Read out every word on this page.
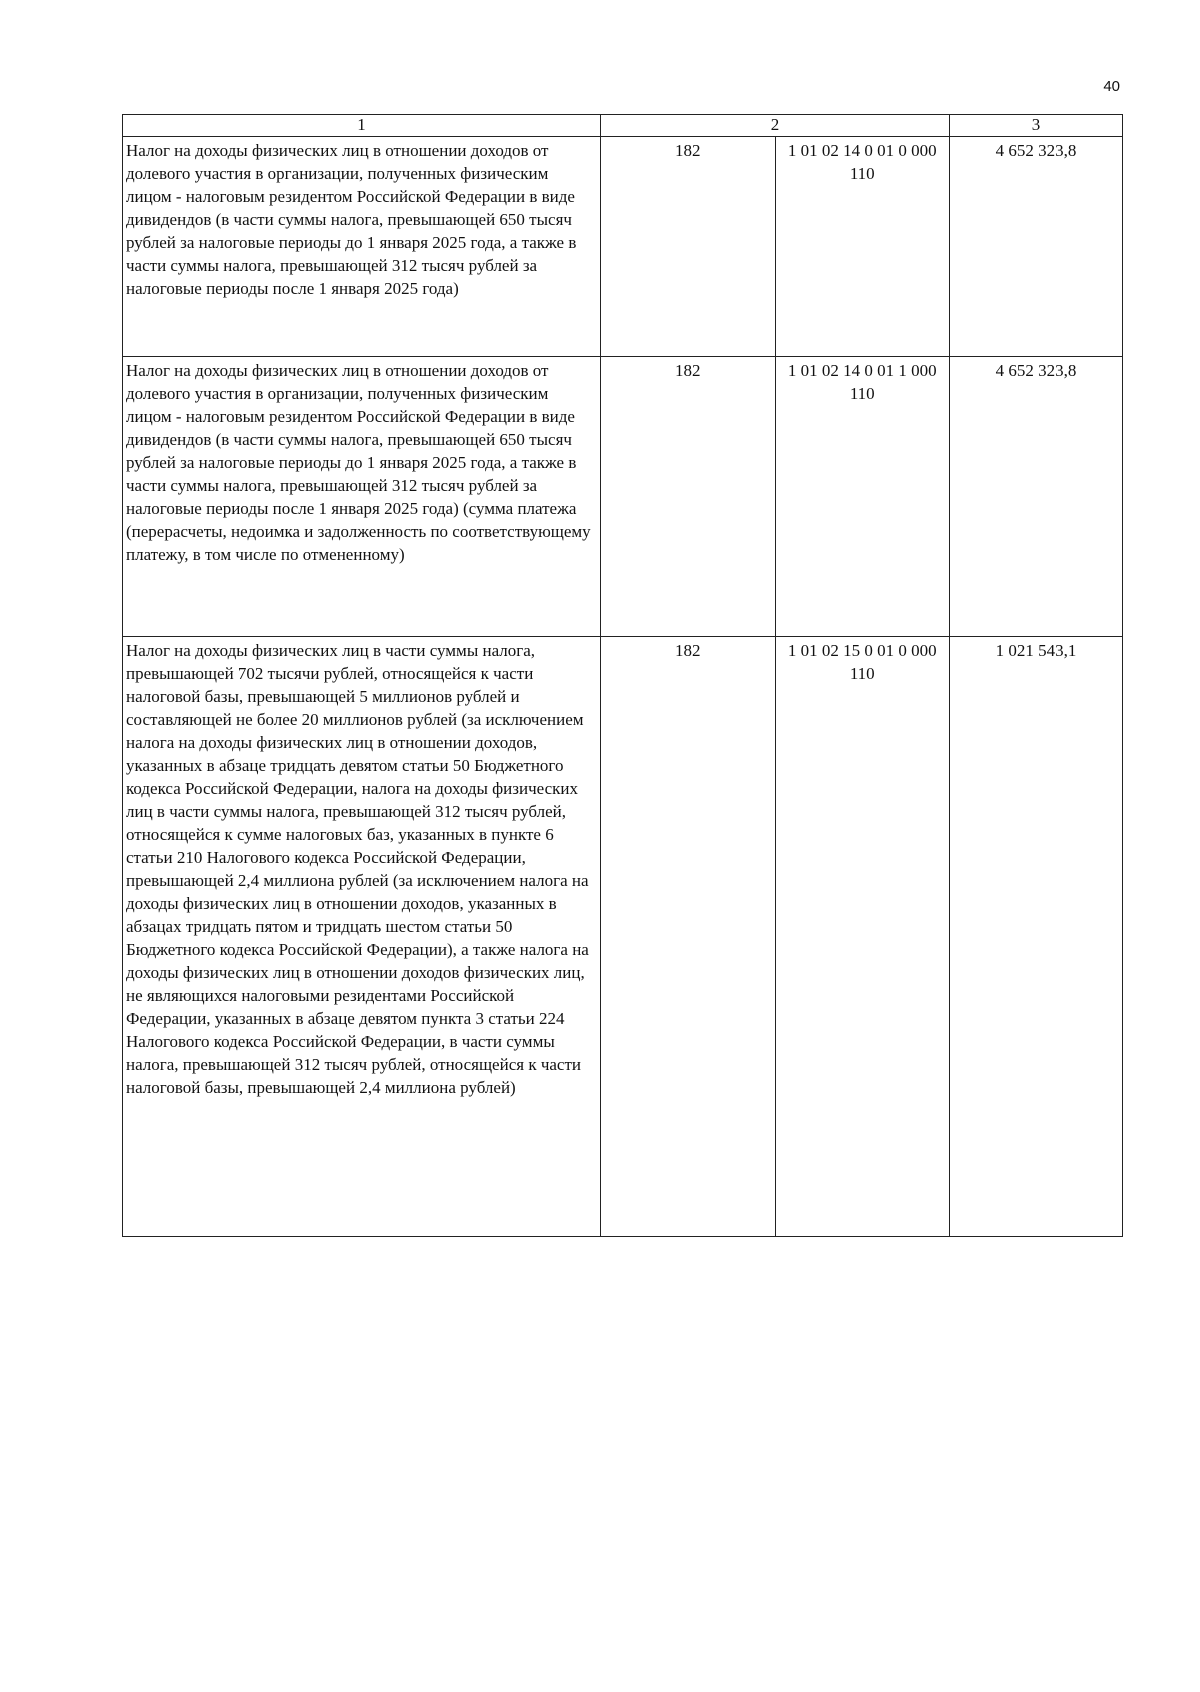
40
1	2		3

Налог на доходы физических лиц в отношении доходов от долевого участия в организации, полученных физическим лицом - налоговым резидентом Российской Федерации в виде дивидендов (в части суммы налога, превышающей 650 тысяч рублей за налоговые периоды до 1 января 2025 года, а также в части суммы налога, превышающей 312 тысяч рублей за налоговые периоды после 1 января 2025 года)	182	1 01 02 14 0 01 0 000 110	4 652 323,8

Налог на доходы физических лиц в отношении доходов от долевого участия в организации, полученных физическим лицом - налоговым резидентом Российской Федерации в виде дивидендов (в части суммы налога, превышающей 650 тысяч рублей за налоговые периоды до 1 января 2025 года, а также в части суммы налога, превышающей 312 тысяч рублей за налоговые периоды после 1 января 2025 года) (сумма платежа (перерасчеты, недоимка и задолженность по соответствующему платежу, в том числе по отмененному)	182	1 01 02 14 0 01 1 000 110	4 652 323,8

Налог на доходы физических лиц в части суммы налога, превышающей 702 тысячи рублей, относящейся к части налоговой базы, превышающей 5 миллионов рублей и составляющей не более 20 миллионов рублей (за исключением налога на доходы физических лиц в отношении доходов, указанных в абзаце тридцать девятом статьи 50 Бюджетного кодекса Российской Федерации, налога на доходы физических лиц в части суммы налога, превышающей 312 тысяч рублей, относящейся к сумме налоговых баз, указанных в пункте 6 статьи 210 Налогового кодекса Российской Федерации, превышающей 2,4 миллиона рублей (за исключением налога на доходы физических лиц в отношении доходов, указанных в абзацах тридцать пятом и тридцать шестом статьи 50 Бюджетного кодекса Российской Федерации), а также налога на доходы физических лиц в отношении доходов физических лиц, не являющихся налоговыми резидентами Российской Федерации, указанных в абзаце девятом пункта 3 статьи 224 Налогового кодекса Российской Федерации, в части суммы налога, превышающей 312 тысяч рублей, относящейся к части налоговой базы, превышающей 2,4 миллиона рублей)	182	1 01 02 15 0 01 0 000 110	1 021 543,1
